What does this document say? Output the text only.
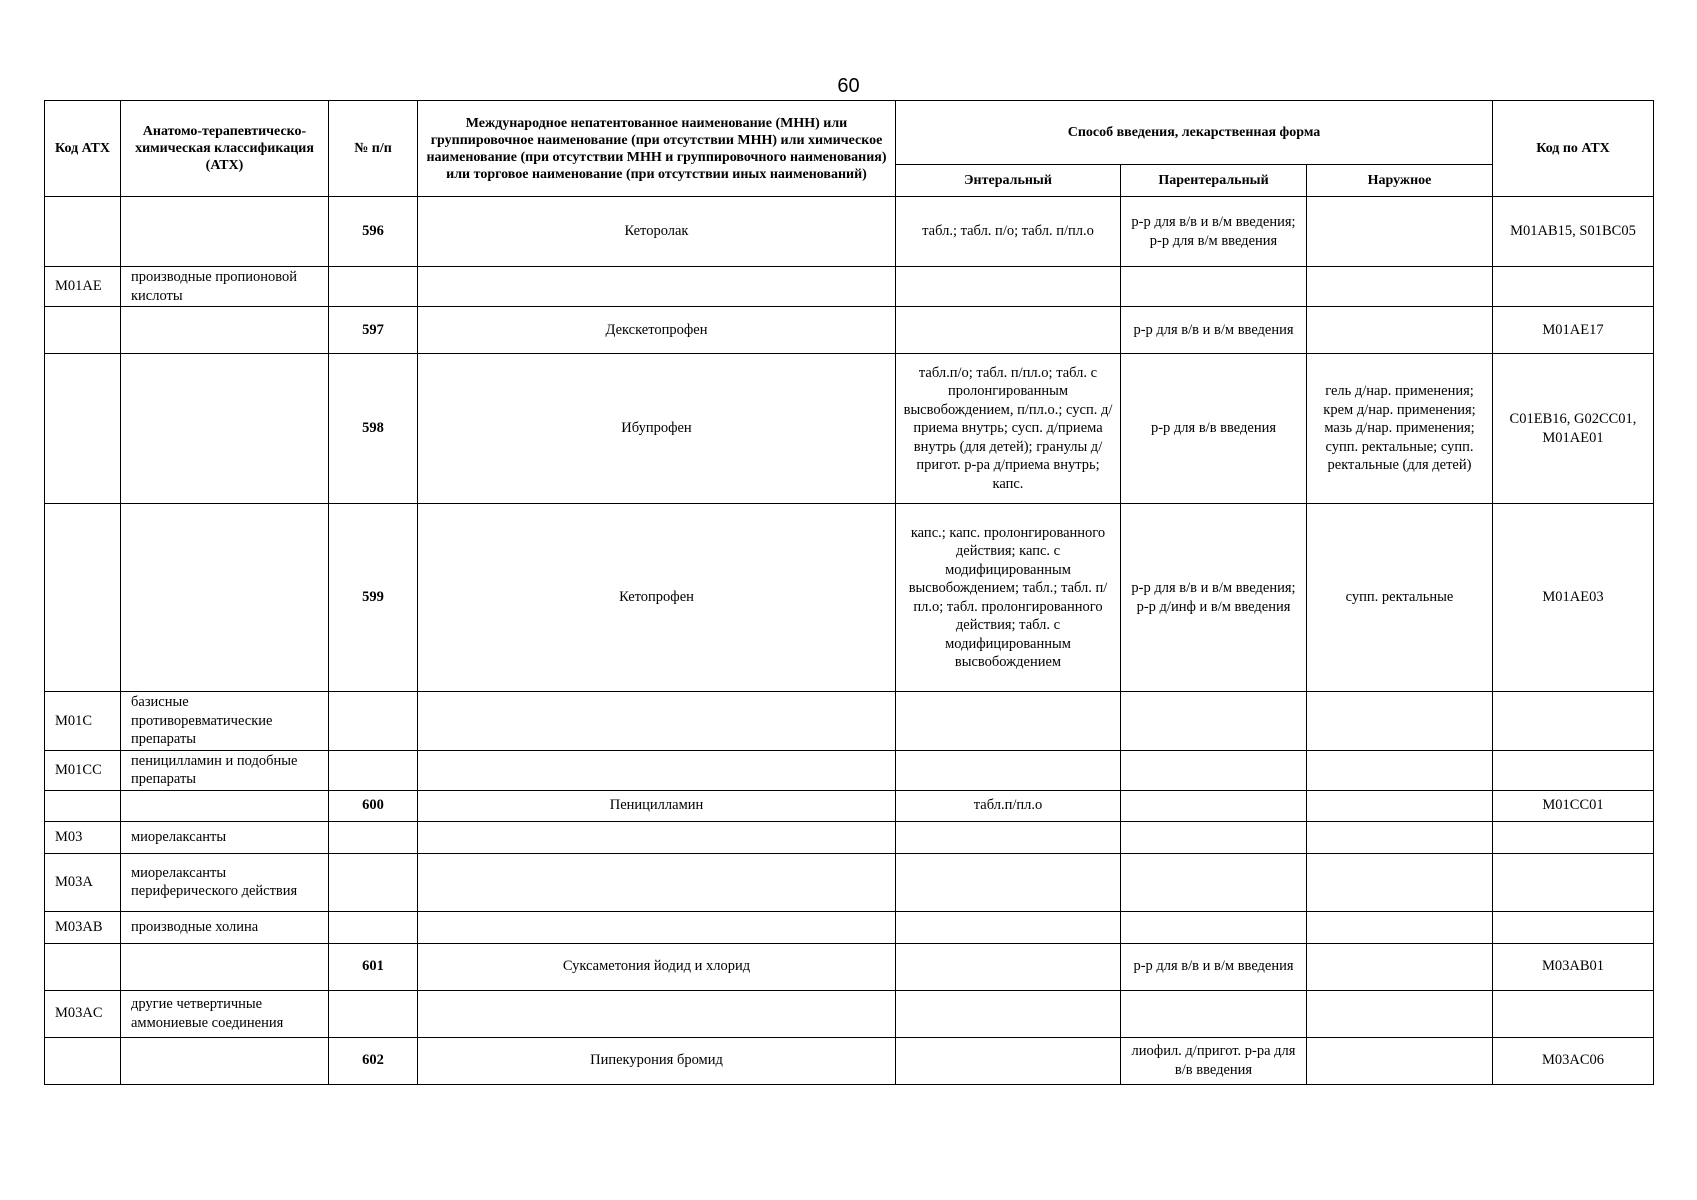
60
Код АТХ	Анатомо-терапевтическо-химическая классификация (АТХ)	№ п/п	Международное непатентованное наименование (МНН) или группировочное наименование (при отсутствии МНН) или химическое наименование (при отсутствии МНН и группировочного наименования) или торговое наименование (при отсутствии иных наименований)	Способ введения, лекарственная форма			Код по АТХ
				Энтеральный	Парентеральный	Наружное	
		596	Кеторолак	табл.; табл. п/о; табл. п/пл.о	р-р для в/в и в/м введения; р-р для в/м введения		M01AB15, S01BC05
M01AE	производные пропионовой кислоты						
		597	Декскетопрофен		р-р для в/в и в/м введения		M01AE17
		598	Ибупрофен	табл.п/о; табл. п/пл.о; табл. с пролонгированным высвобождением, п/пл.о.; сусп. д/приема внутрь; сусп. д/приема внутрь (для детей); гранулы д/пригот. р-ра д/приема внутрь; капс.	р-р для в/в введения	гель д/нар. применения; крем д/нар. применения; мазь д/нар. применения; супп. ректальные; супп. ректальные (для детей)	C01EB16, G02CC01, M01AE01
		599	Кетопрофен	капс.; капс. пролонгированного действия; капс. с модифицированным высвобождением; табл.; табл. п/пл.о; табл. пролонгированного действия; табл. с модифицированным высвобождением	р-р для в/в и в/м введения; р-р д/инф и в/м введения	супп. ректальные	M01AE03
M01C	базисные противоревматические препараты						
M01CC	пеницилламин и подобные препараты						
		600	Пеницилламин	табл.п/пл.о			M01CC01
M03	миорелаксанты						
M03A	миорелаксанты периферического действия						
M03AB	производные холина						
		601	Суксаметония йодид и хлорид		р-р для в/в и в/м введения		M03AB01
M03AC	другие четвертичные аммониевые соединения						
		602	Пипекурония бромид		лиофил. д/пригот. р-ра для в/в введения		M03AC06
